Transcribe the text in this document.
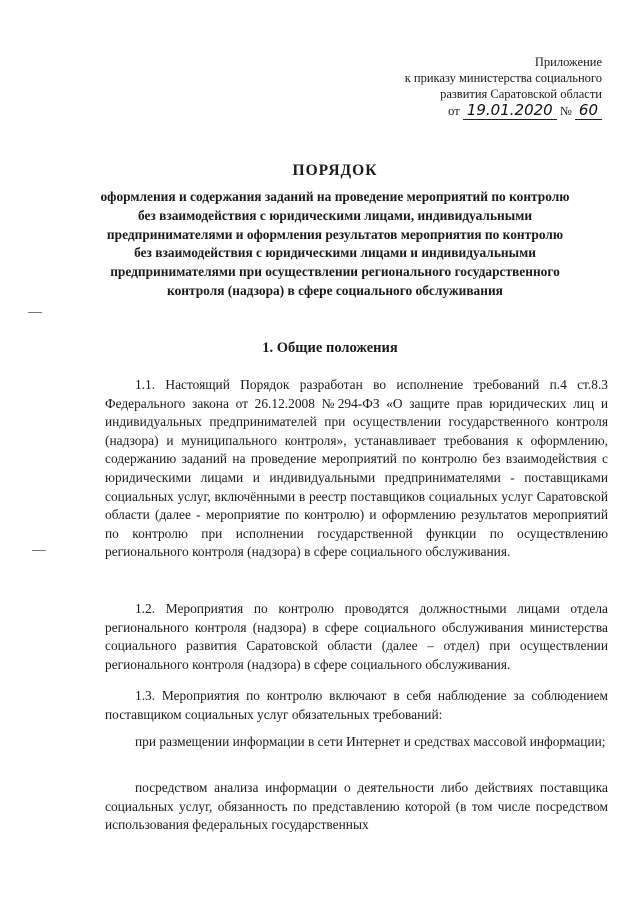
Приложение
к приказу министерства социального
развития Саратовской области
от 19.01.2020 № 60
ПОРЯДОК
оформления и содержания заданий на проведение мероприятий по контролю без взаимодействия с юридическими лицами, индивидуальными предпринимателями и оформления результатов мероприятия по контролю без взаимодействия с юридическими лицами и индивидуальными предпринимателями при осуществлении регионального государственного контроля (надзора) в сфере социального обслуживания
1. Общие положения

1.1. Настоящий Порядок разработан во исполнение требований п.4 ст.8.3 Федерального закона от 26.12.2008 №294-ФЗ «О защите прав юридических лиц и индивидуальных предпринимателей при осуществлении государственного контроля (надзора) и муниципального контроля», устанавливает требования к оформлению, содержанию заданий на проведение мероприятий по контролю без взаимодействия с юридическими лицами и индивидуальными предпринимателями - поставщиками социальных услуг, включёнными в реестр поставщиков социальных услуг Саратовской области (далее - мероприятие по контролю) и оформлению результатов мероприятий по контролю при исполнении государственной функции по осуществлению регионального контроля (надзора) в сфере социального обслуживания.

1.2. Мероприятия по контролю проводятся должностными лицами отдела регионального контроля (надзора) в сфере социального обслуживания министерства социального развития Саратовской области (далее – отдел) при осуществлении регионального контроля (надзора) в сфере социального обслуживания.

1.3. Мероприятия по контролю включают в себя наблюдение за соблюдением поставщиком социальных услуг обязательных требований:

при размещении информации в сети Интернет и средствах массовой информации;

посредством анализа информации о деятельности либо действиях поставщика социальных услуг, обязанность по представлению которой (в том числе посредством использования федеральных государственных
